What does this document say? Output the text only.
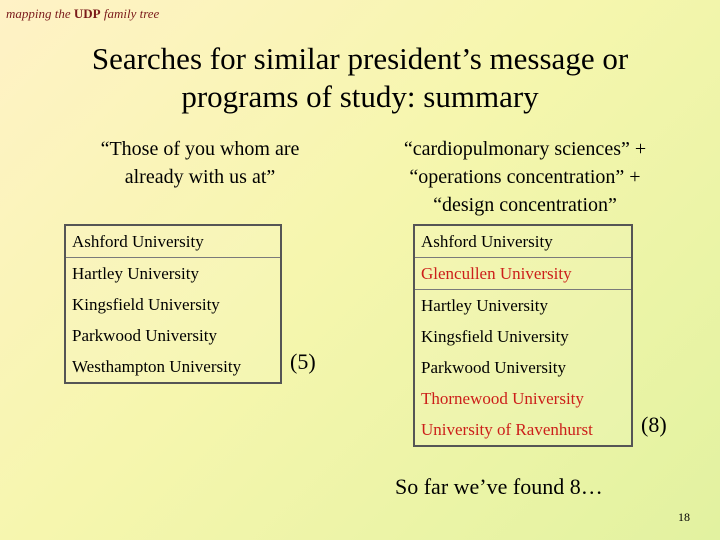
mapping the UDP family tree
Searches for similar president’s message or
programs of study: summary
“Those of you whom are
already with us at”
“cardiopulmonary sciences” +
“operations concentration” +
“design concentration”
Ashford University
Hartley University
Kingsfield University
Parkwood University
Westhampton University	(5)
Ashford University
Glencullen University
Hartley University
Kingsfield University
Parkwood University
Thornewood University
University of Ravenhurst	(8)
So far we’ve found 8…
18
